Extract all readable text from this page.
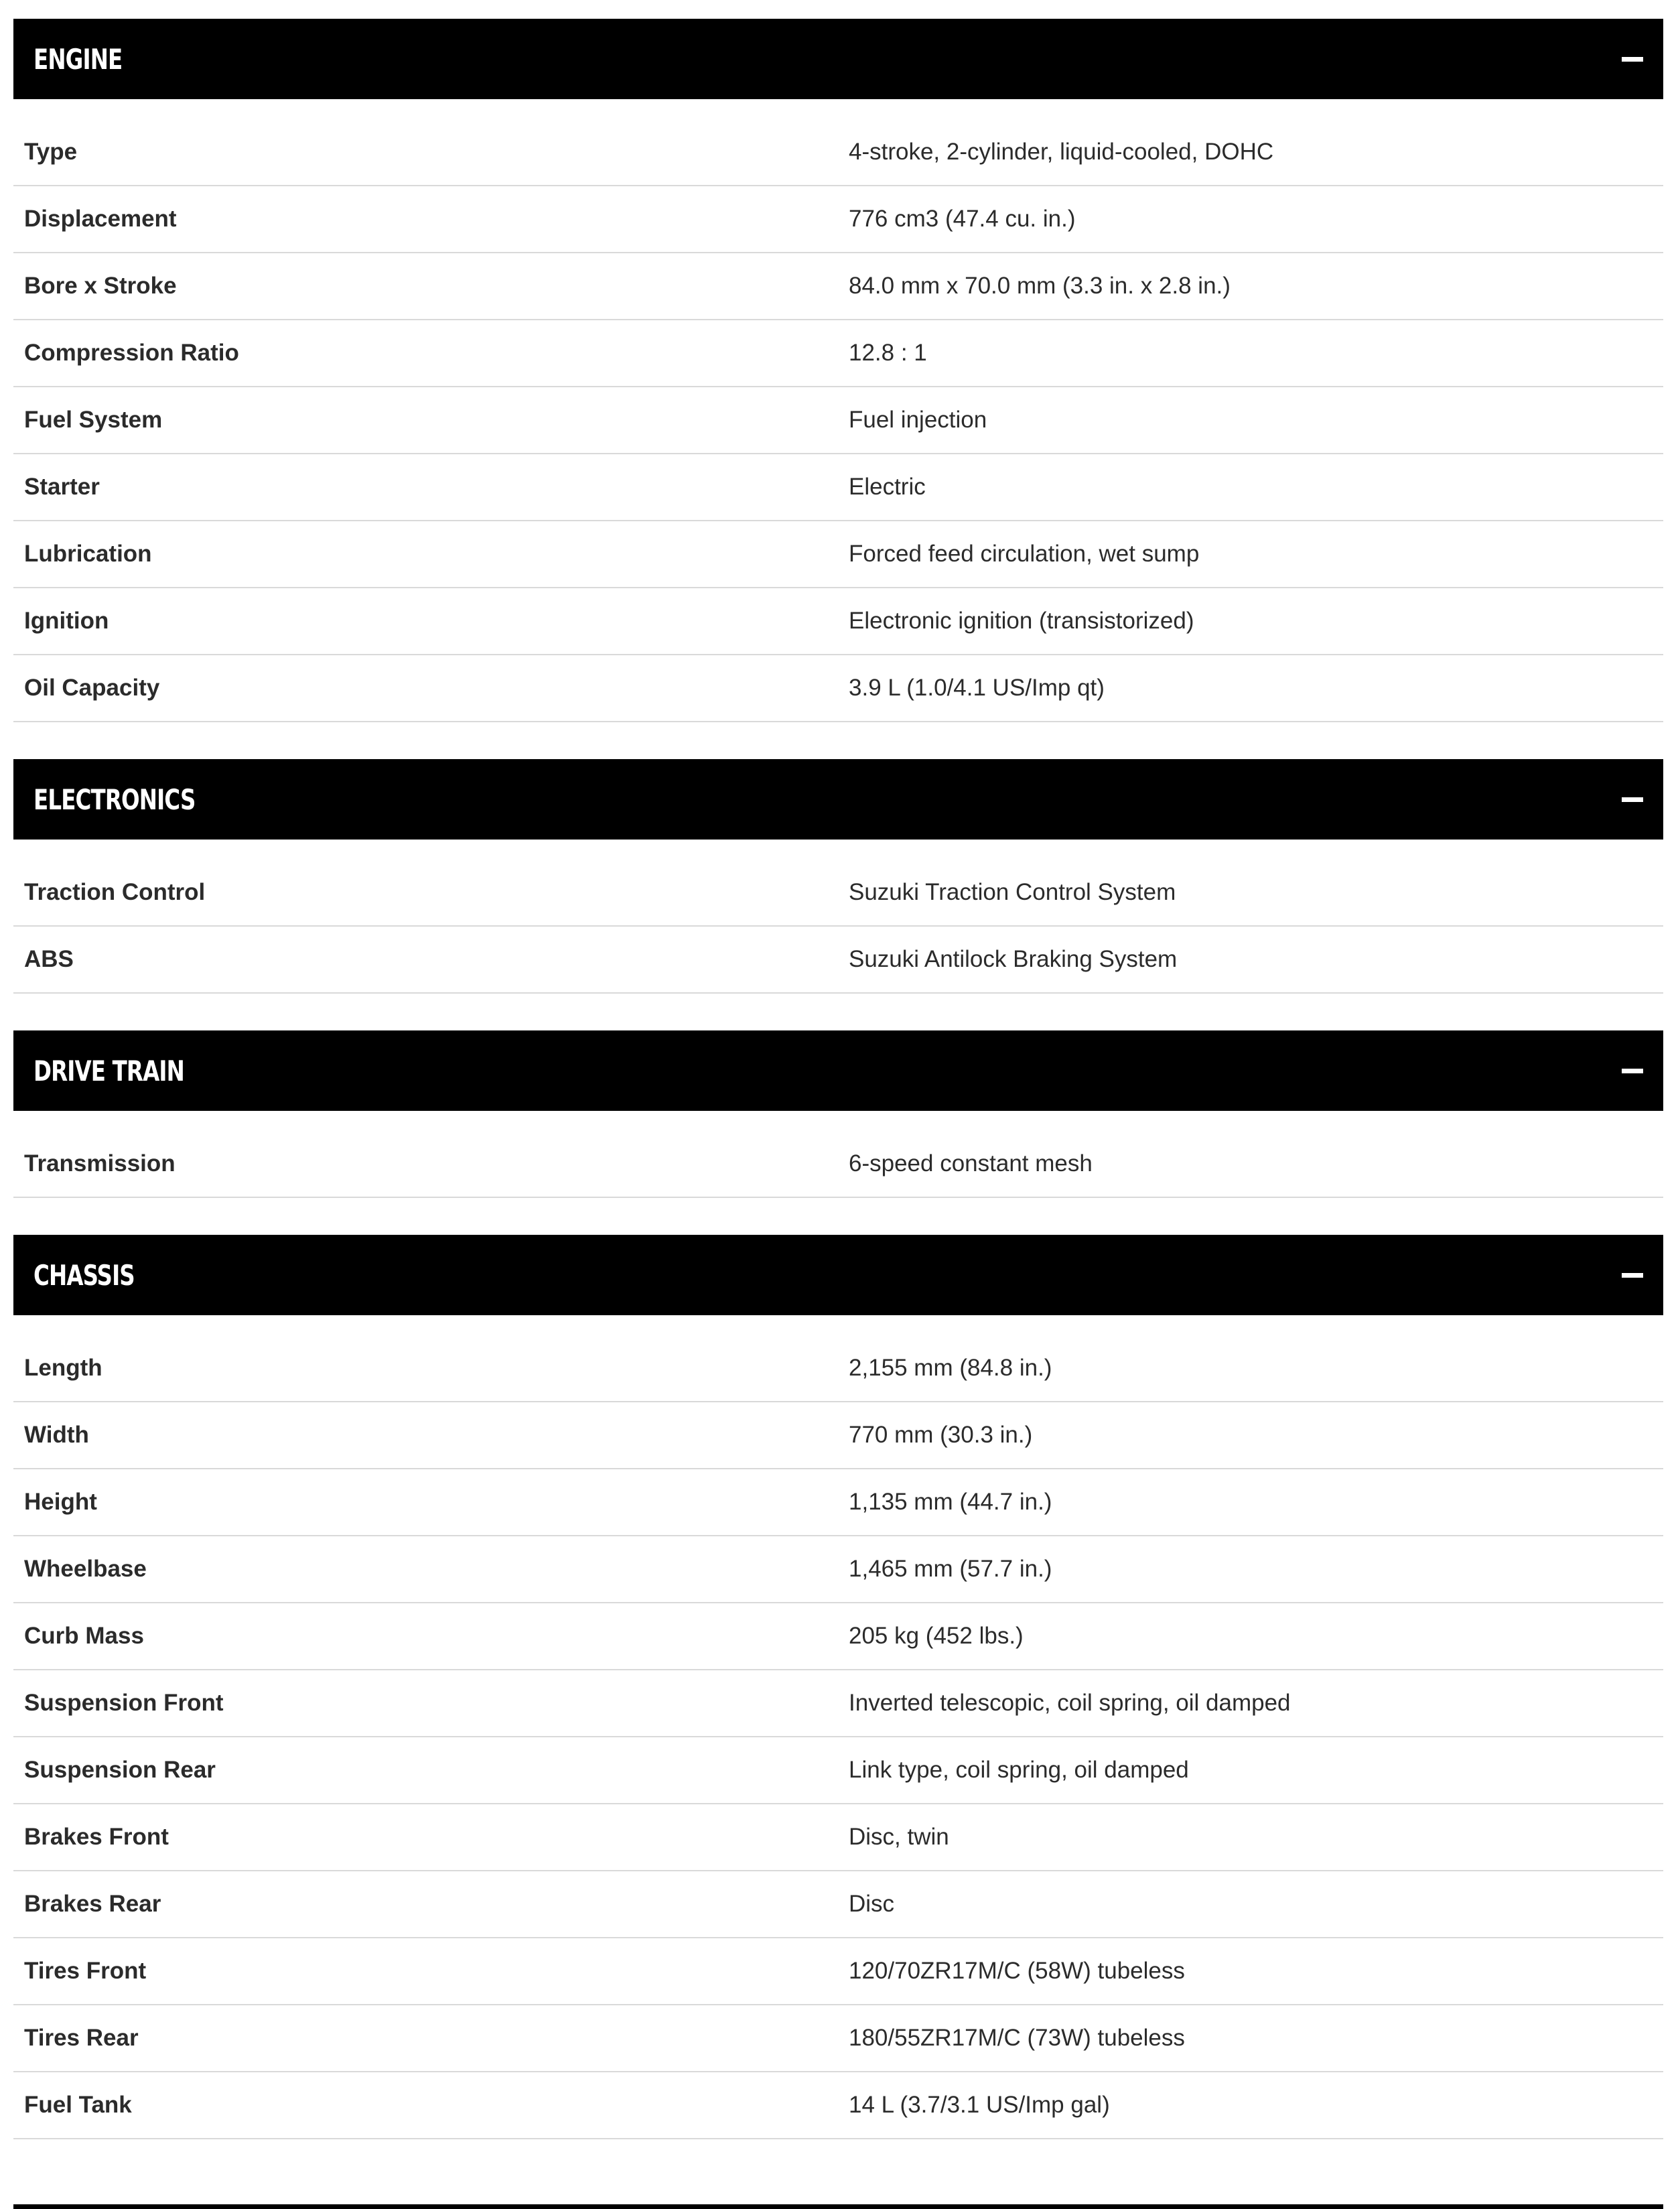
ENGINE
Type	4-stroke, 2-cylinder, liquid-cooled, DOHC
Displacement	776 cm3 (47.4 cu. in.)
Bore x Stroke	84.0 mm x 70.0 mm (3.3 in. x 2.8 in.)
Compression Ratio	12.8 : 1
Fuel System	Fuel injection
Starter	Electric
Lubrication	Forced feed circulation, wet sump
Ignition	Electronic ignition (transistorized)
Oil Capacity	3.9 L (1.0/4.1 US/Imp qt)
ELECTRONICS
Traction Control	Suzuki Traction Control System
ABS	Suzuki Antilock Braking System
DRIVE TRAIN
Transmission	6-speed constant mesh
CHASSIS
Length	2,155 mm (84.8 in.)
Width	770 mm (30.3 in.)
Height	1,135 mm (44.7 in.)
Wheelbase	1,465 mm (57.7 in.)
Curb Mass	205 kg (452 lbs.)
Suspension Front	Inverted telescopic, coil spring, oil damped
Suspension Rear	Link type, coil spring, oil damped
Brakes Front	Disc, twin
Brakes Rear	Disc
Tires Front	120/70ZR17M/C (58W) tubeless
Tires Rear	180/55ZR17M/C (73W) tubeless
Fuel Tank	14 L (3.7/3.1 US/Imp gal)
